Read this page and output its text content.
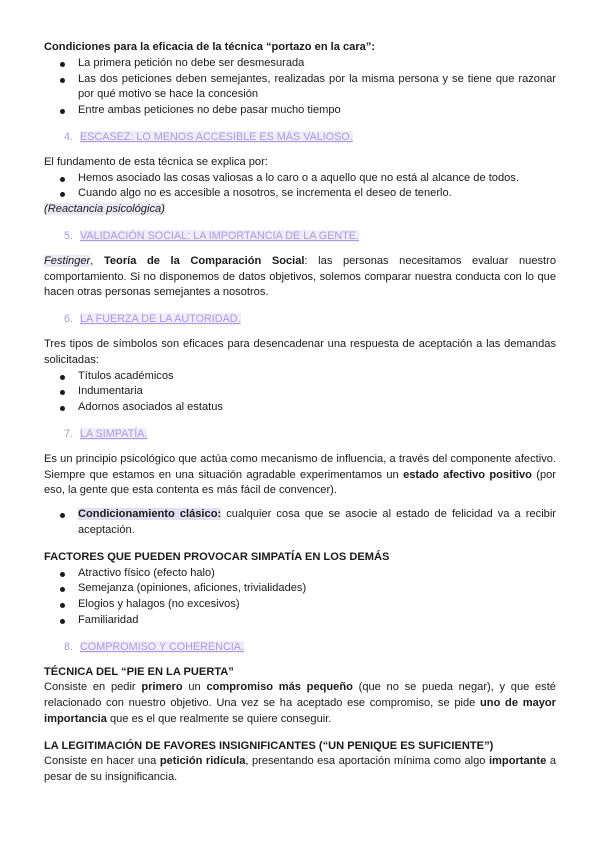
Condiciones para la eficacia de la técnica “portazo en la cara”:

La primera petición no debe ser desmesurada
Las dos peticiones deben semejantes, realizadas por la misma persona y se tiene que razonar por qué motivo se hace la concesión
Entre ambas peticiones no debe pasar mucho tiempo
4. ESCASEZ: LO MENOS ACCESIBLE ES MÁS VALIOSO.

El fundamento de esta técnica se explica por:

Hemos asociado las cosas valiosas a lo caro o a aquello que no está al alcance de todos.
Cuando algo no es accesible a nosotros, se incrementa el deseo de tenerlo.

(Reactancia psicológica)

5. VALIDACIÓN SOCIAL: LA IMPORTANCIA DE LA GENTE.

Festinger, Teoría de la Comparación Social: las personas necesitamos evaluar nuestro comportamiento. Si no disponemos de datos objetivos, solemos comparar nuestra conducta con lo que hacen otras personas semejantes a nosotros.

6. LA FUERZA DE LA AUTORIDAD.

Tres tipos de símbolos son eficaces para desencadenar una respuesta de aceptación a las demandas solicitadas:

Títulos académicos
Indumentaria
Adornos asociados al estatus
7. LA SIMPATÍA.

Es un principio psicológico que actúa como mecanismo de influencia, a través del componente afectivo. Siempre que estamos en una situación agradable experimentamos un estado afectivo positivo (por eso, la gente que esta contenta es más fácil de convencer).

Condicionamiento clásico: cualquier cosa que se asocie al estado de felicidad va a recibir aceptación.

FACTORES QUE PUEDEN PROVOCAR SIMPATÍA EN LOS DEMÁS

Atractivo físico (efecto halo)
Semejanza (opiniones, aficiones, trivialidades)
Elogios y halagos (no excesivos)
Familiaridad
8. COMPROMISO Y COHERENCIA.

TÉCNICA DEL “PIE EN LA PUERTA”

Consiste en pedir primero un compromiso más pequeño (que no se pueda negar), y que esté relacionado con nuestro objetivo. Una vez se ha aceptado ese compromiso, se pide uno de mayor importancia que es el que realmente se quiere conseguir.

LA LEGITIMACIÓN DE FAVORES INSIGNIFICANTES (“UN PENIQUE ES SUFICIENTE”)

Consiste en hacer una petición ridícula, presentando esa aportación mínima como algo importante a pesar de su insignificancia.
